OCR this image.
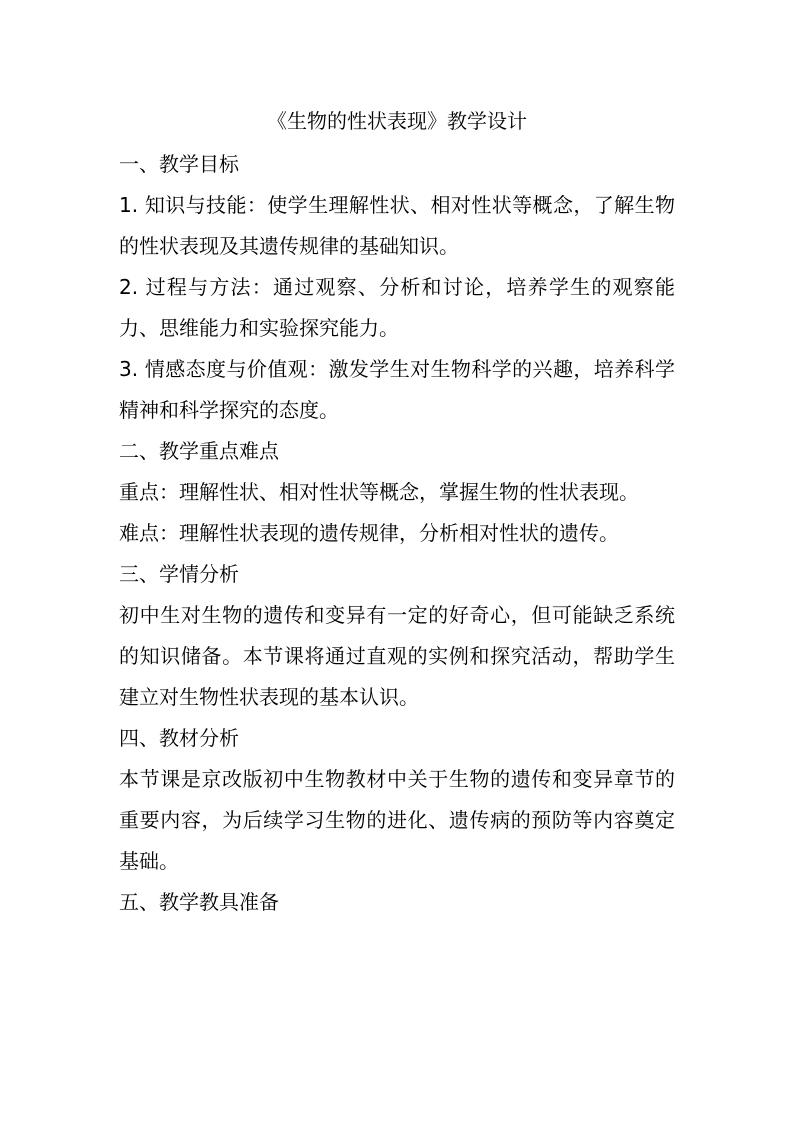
《生物的性状表现》教学设计

一、教学目标

1. 知识与技能：使学生理解性状、相对性状等概念，了解生物的性状表现及其遗传规律的基础知识。

2. 过程与方法：通过观察、分析和讨论，培养学生的观察能力、思维能力和实验探究能力。

3. 情感态度与价值观：激发学生对生物科学的兴趣，培养科学精神和科学探究的态度。

二、教学重点难点

重点：理解性状、相对性状等概念，掌握生物的性状表现。

难点：理解性状表现的遗传规律，分析相对性状的遗传。

三、学情分析

初中生对生物的遗传和变异有一定的好奇心，但可能缺乏系统的知识储备。本节课将通过直观的实例和探究活动，帮助学生建立对生物性状表现的基本认识。

四、教材分析

本节课是京改版初中生物教材中关于生物的遗传和变异章节的重要内容，为后续学习生物的进化、遗传病的预防等内容奠定基础。

五、教学教具准备
